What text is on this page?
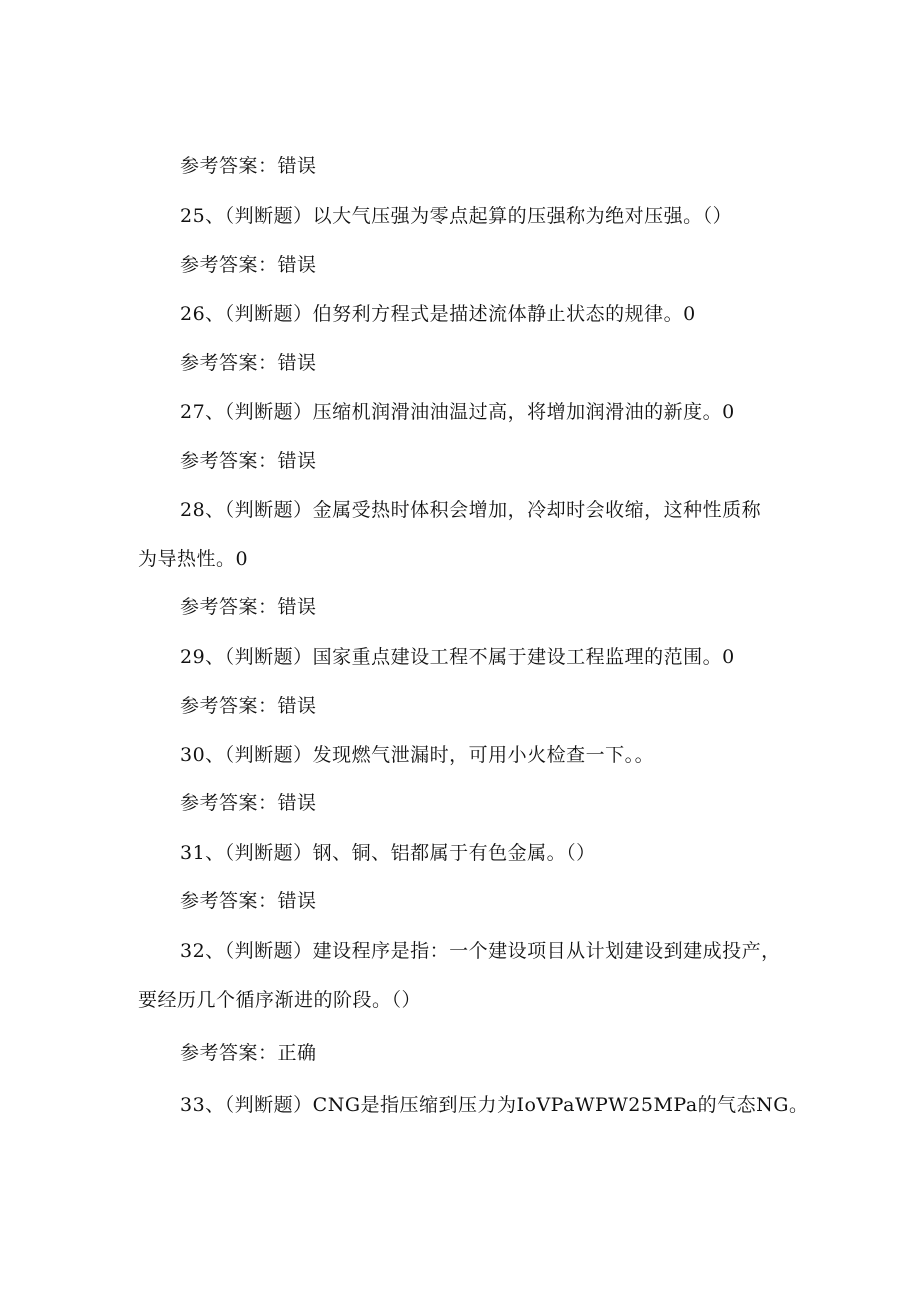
参考答案：错误
25、（判断题）以大气压强为零点起算的压强称为绝对压强。（）
参考答案：错误
26、（判断题）伯努利方程式是描述流体静止状态的规律。0
参考答案：错误
27、（判断题）压缩机润滑油油温过高，将增加润滑油的新度。0
参考答案：错误
28、（判断题）金属受热时体积会增加，冷却时会收缩，这种性质称
为导热性。0
参考答案：错误
29、（判断题）国家重点建设工程不属于建设工程监理的范围。0
参考答案：错误
30、（判断题）发现燃气泄漏时，可用小火检查一下。。
参考答案：错误
31、（判断题）钢、铜、铝都属于有色金属。（）
参考答案：错误
32、（判断题）建设程序是指：一个建设项目从计划建设到建成投产，
要经历几个循序渐进的阶段。（）
参考答案：正确
33、（判断题）CNG是指压缩到压力为IoVPaWPW25MPa的气态NG。
